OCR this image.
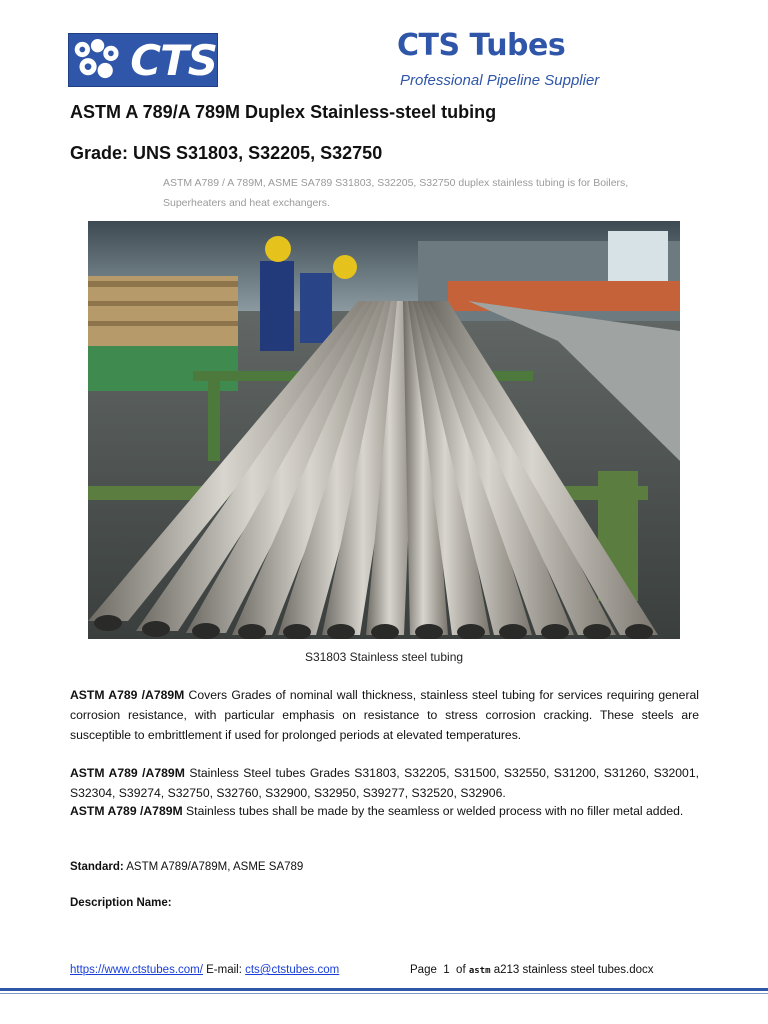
CTS	CTS Tubes
Professional Pipeline Supplier
ASTM A 789/A 789M Duplex Stainless-steel tubing
Grade: UNS S31803, S32205, S32750
ASTM A789 / A 789M, ASME SA789 S31803, S32205, S32750 duplex stainless tubing is for Boilers, Superheaters and heat exchangers.
S31803 Stainless steel tubing
ASTM A789 /A789M Covers Grades of nominal wall thickness, stainless steel tubing for services requiring general corrosion resistance, with particular emphasis on resistance to stress corrosion cracking. These steels are susceptible to embrittlement if used for prolonged periods at elevated temperatures.
ASTM A789 /A789M Stainless Steel tubes Grades S31803, S32205, S31500, S32550, S31200, S31260, S32001, S32304, S39274, S32750, S32760, S32900, S32950, S39277, S32520, S32906.
ASTM A789 /A789M Stainless tubes shall be made by the seamless or welded process with no filler metal added.
Standard: ASTM A789/A789M, ASME SA789
Description Name:
https://www.ctstubes.com/ E-mail: cts@ctstubes.com	Page 1 of astm a213 stainless steel tubes.docx
